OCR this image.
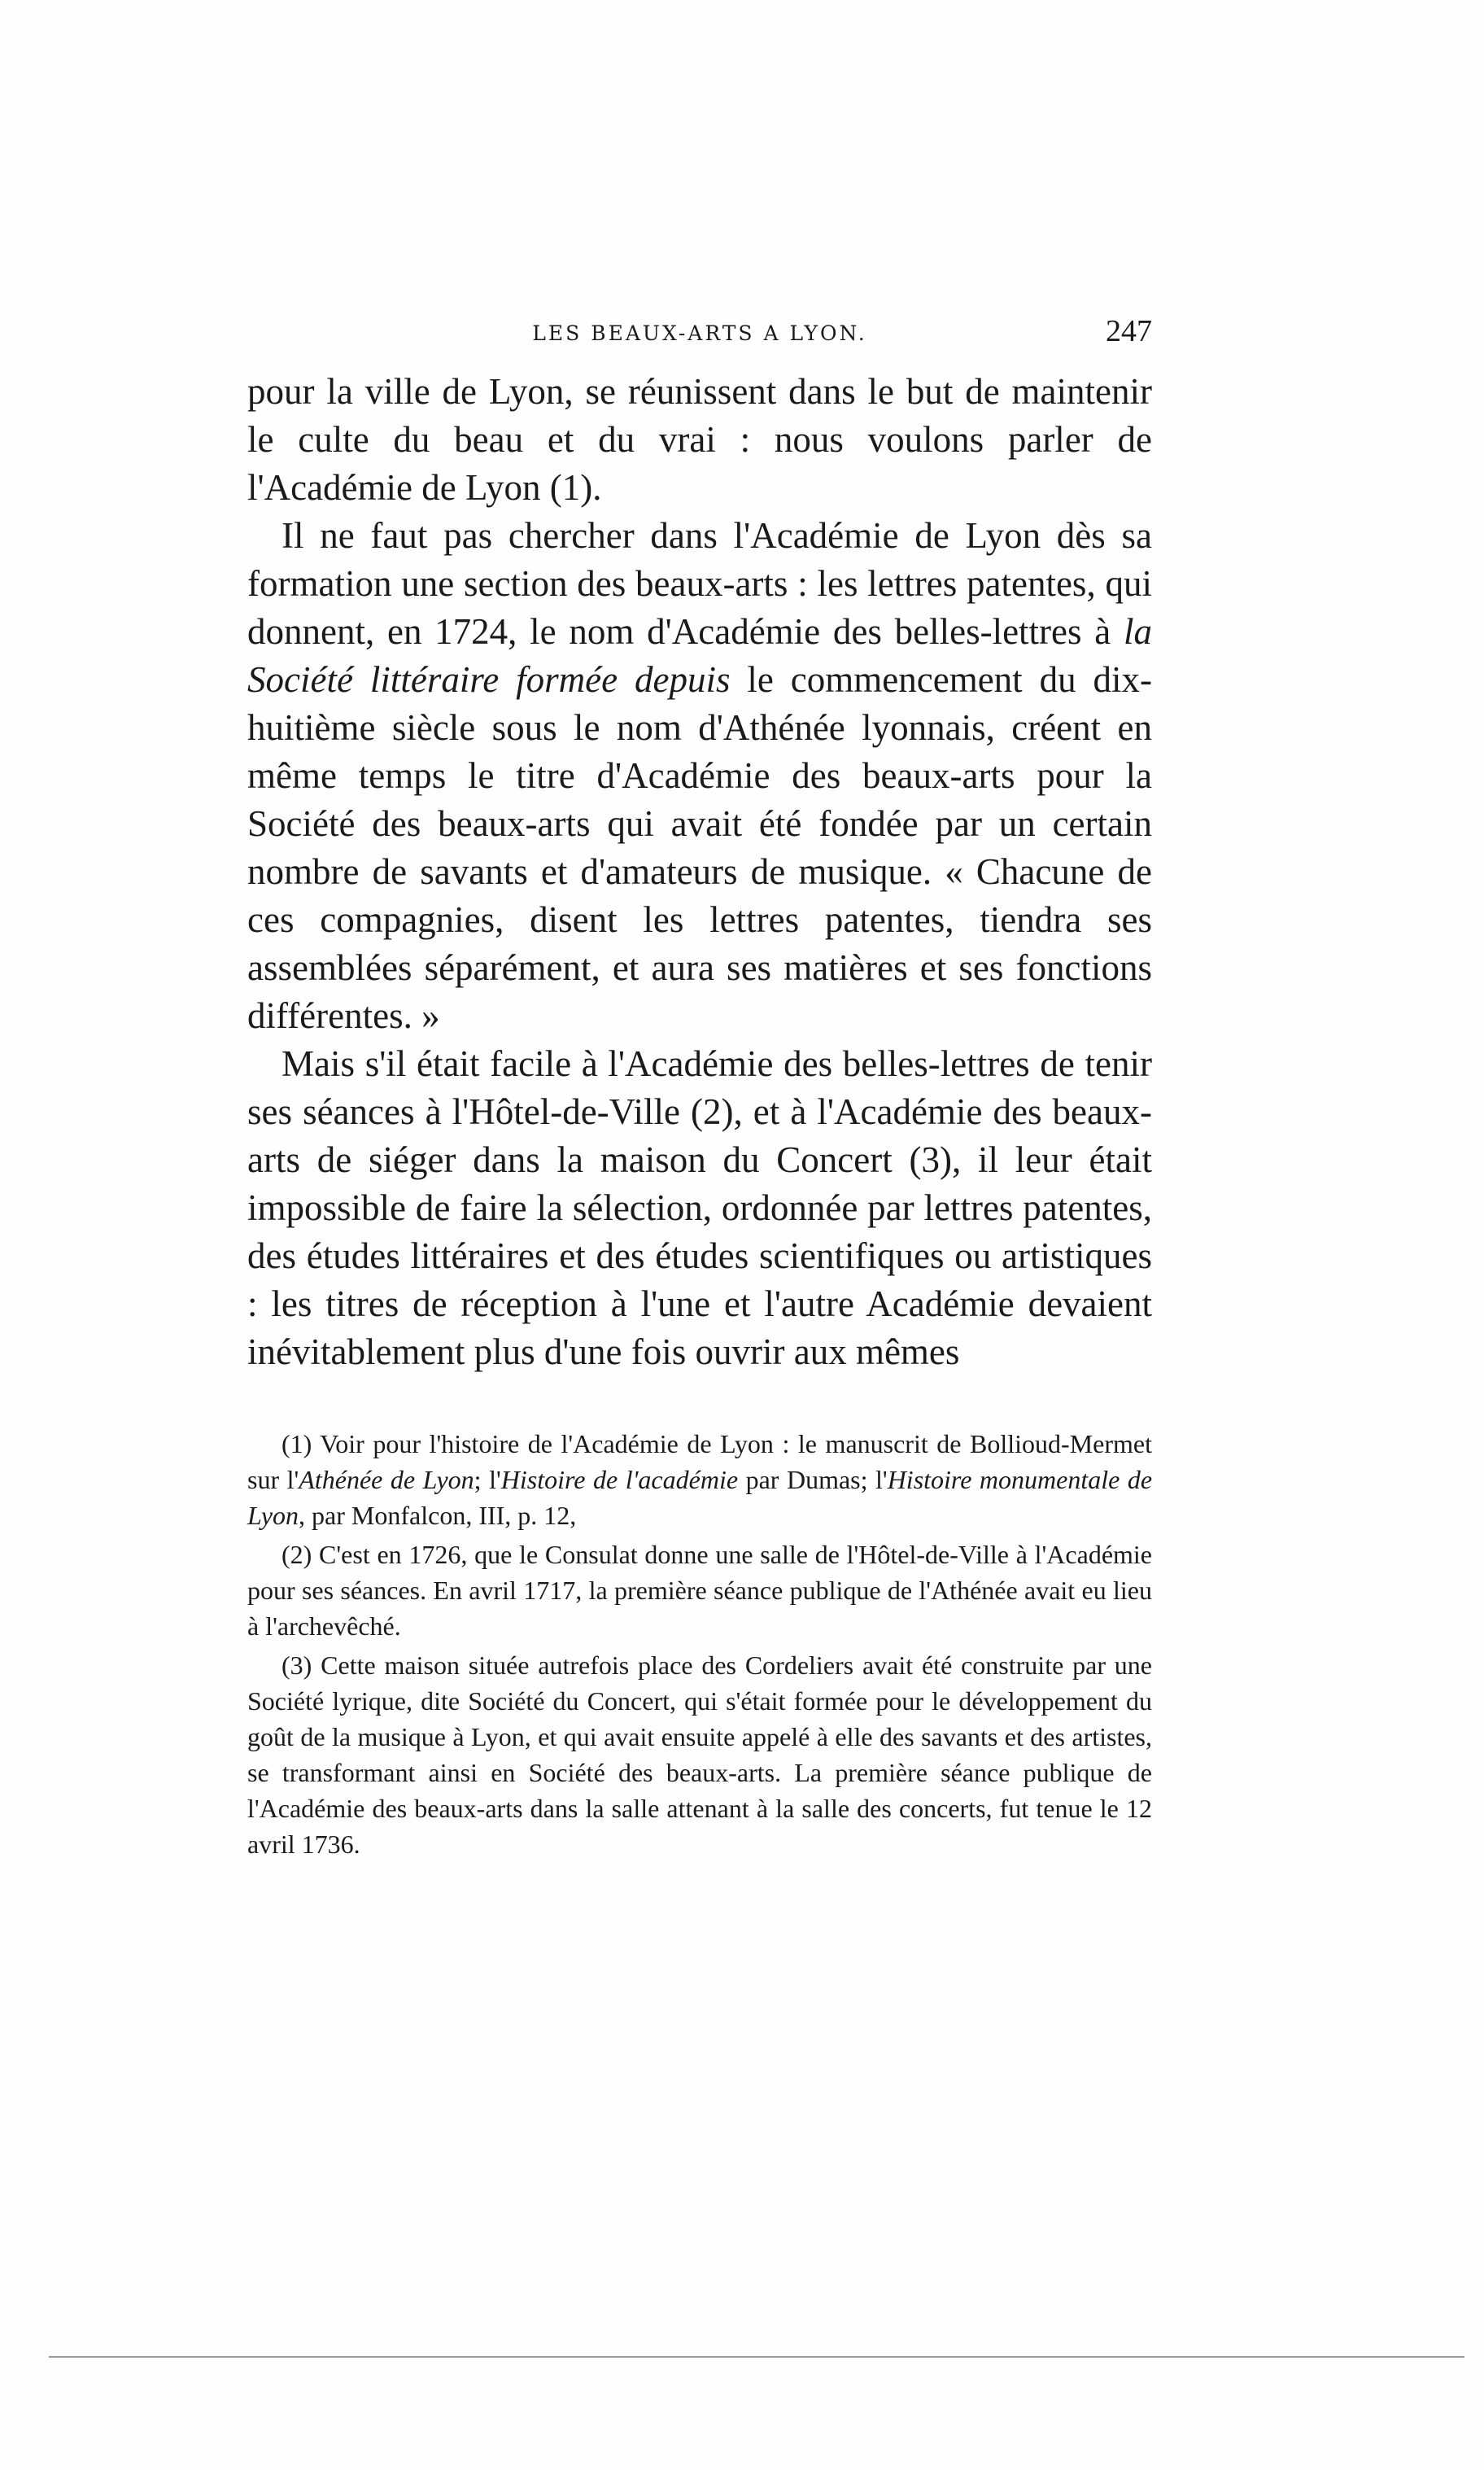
LES BEAUX-ARTS A LYON.	247

pour la ville de Lyon, se réunissent dans le but de maintenir le culte du beau et du vrai : nous voulons parler de l'Académie de Lyon (1).

Il ne faut pas chercher dans l'Académie de Lyon dès sa formation une section des beaux-arts : les lettres patentes, qui donnent, en 1724, le nom d'Académie des belles-lettres à la Société littéraire formée depuis le commencement du dix-huitième siècle sous le nom d'Athénée lyonnais, créent en même temps le titre d'Académie des beaux-arts pour la Société des beaux-arts qui avait été fondée par un certain nombre de savants et d'amateurs de musique. « Chacune de ces compagnies, disent les lettres patentes, tiendra ses assemblées séparément, et aura ses matières et ses fonctions différentes. »

Mais s'il était facile à l'Académie des belles-lettres de tenir ses séances à l'Hôtel-de-Ville (2), et à l'Académie des beaux-arts de siéger dans la maison du Concert (3), il leur était impossible de faire la sélection, ordonnée par lettres patentes, des études littéraires et des études scientifiques ou artistiques : les titres de réception à l'une et l'autre Académie devaient inévitablement plus d'une fois ouvrir aux mêmes

(1) Voir pour l'histoire de l'Académie de Lyon : le manuscrit de Bollioud-Mermet sur l'Athénée de Lyon; l'Histoire de l'académie par Dumas; l'Histoire monumentale de Lyon, par Monfalcon, III, p. 12,

(2) C'est en 1726, que le Consulat donne une salle de l'Hôtel-de-Ville à l'Académie pour ses séances. En avril 1717, la première séance publique de l'Athénée avait eu lieu à l'archevêché.

(3) Cette maison située autrefois place des Cordeliers avait été construite par une Société lyrique, dite Société du Concert, qui s'était formée pour le développement du goût de la musique à Lyon, et qui avait ensuite appelé à elle des savants et des artistes, se transformant ainsi en Société des beaux-arts. La première séance publique de l'Académie des beaux-arts dans la salle attenant à la salle des concerts, fut tenue le 12 avril 1736.
